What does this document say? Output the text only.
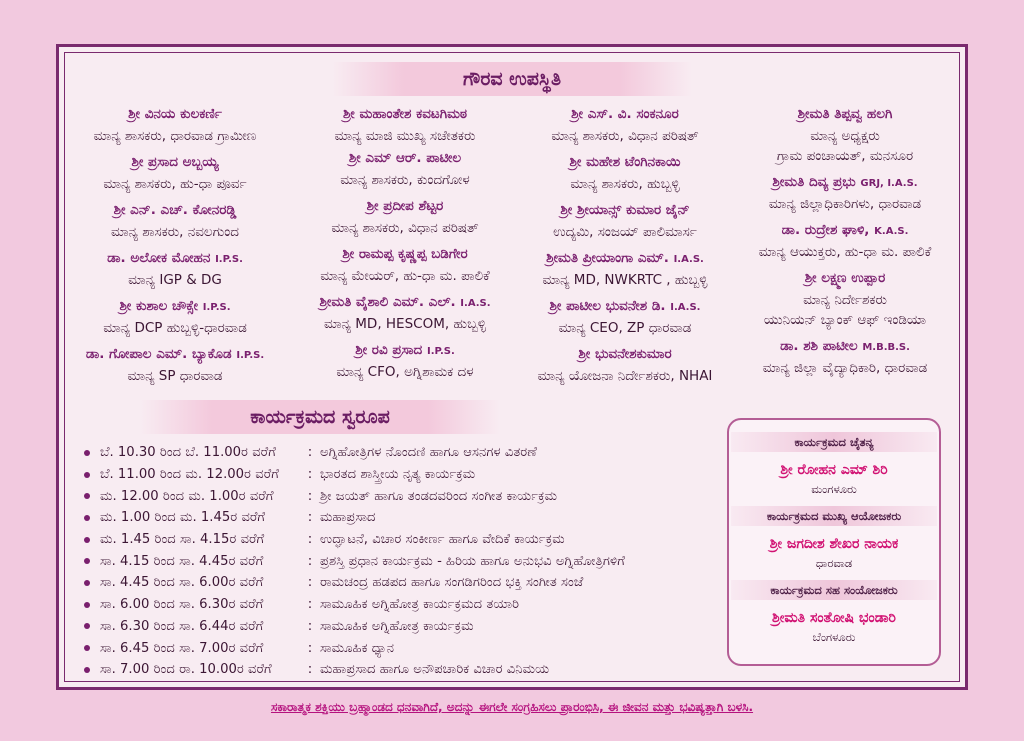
ಗೌರವ ಉಪಸ್ಥಿತಿ
ಶ್ರೀ ವಿನಯ ಕುಲಕರ್ಣಿ
ಮಾನ್ಯ ಶಾಸಕರು, ಧಾರವಾಡ ಗ್ರಾಮೀಣ
ಶ್ರೀ ಪ್ರಸಾದ ಅಬ್ಬಯ್ಯ
ಮಾನ್ಯ ಶಾಸಕರು, ಹು-ಧಾ ಪೂರ್ವ
ಶ್ರೀ ಎನ್. ಎಚ್. ಕೋನರಡ್ಡಿ
ಮಾನ್ಯ ಶಾಸಕರು, ನವಲಗುಂದ
ಡಾ. ಅಲೋಕ ಮೋಹನ I.P.S.
ಮಾನ್ಯ IGP & DG
ಶ್ರೀ ಕುಶಾಲ ಚೌಕ್ಸೇ I.P.S.
ಮಾನ್ಯ DCP ಹುಬ್ಬಳ್ಳಿ-ಧಾರವಾಡ
ಡಾ. ಗೋಪಾಲ ಎಮ್. ಬ್ಯಾಕೊಡ I.P.S.
ಮಾನ್ಯ SP ಧಾರವಾಡ
ಶ್ರೀ ಮಹಾಂತೇಶ ಕವಟಗಿಮಠ
ಮಾನ್ಯ ಮಾಜಿ ಮುಖ್ಯ ಸಚೇತಕರು
ಶ್ರೀ ಎಮ್ ಆರ್. ಪಾಟೀಲ
ಮಾನ್ಯ ಶಾಸಕರು, ಕುಂದಗೋಳ
ಶ್ರೀ ಪ್ರದೀಪ ಶೆಟ್ಟರ
ಮಾನ್ಯ ಶಾಸಕರು, ವಿಧಾನ ಪರಿಷತ್
ಶ್ರೀ ರಾಮಪ್ಪ ಕೃಷ್ಣಪ್ಪ ಬಡಿಗೇರ
ಮಾನ್ಯ ಮೇಯರ್, ಹು-ಧಾ ಮ. ಪಾಲಿಕೆ
ಶ್ರೀಮತಿ ವೈಶಾಲಿ ಎಮ್. ಎಲ್. I.A.S.
ಮಾನ್ಯ MD, HESCOM, ಹುಬ್ಬಳ್ಳಿ
ಶ್ರೀ ರವಿ ಪ್ರಸಾದ I.P.S.
ಮಾನ್ಯ CFO, ಅಗ್ನಿಶಾಮಕ ದಳ
ಶ್ರೀ ಎಸ್. ವಿ. ಸಂಕನೂರ
ಮಾನ್ಯ ಶಾಸಕರು, ವಿಧಾನ ಪರಿಷತ್
ಶ್ರೀ ಮಹೇಶ ಟೆಂಗಿನಕಾಯಿ
ಮಾನ್ಯ ಶಾಸಕರು, ಹುಬ್ಬಳ್ಳಿ
ಶ್ರೀ ಶ್ರೀಯಾನ್ಸ್ ಕುಮಾರ ಜೈನ್
ಉದ್ಯಮಿ, ಸಂಜಯ್ ಪಾಲಿಮಾರ್ಸ
ಶ್ರೀಮತಿ ಪ್ರೀಯಾಂಗಾ ಎಮ್. I.A.S.
ಮಾನ್ಯ MD, NWKRTC , ಹುಬ್ಬಳ್ಳಿ
ಶ್ರೀ ಪಾಟೀಲ ಭುವನೇಶ ಡಿ. I.A.S.
ಮಾನ್ಯ CEO, ZP ಧಾರವಾಡ
ಶ್ರೀ ಭುವನೇಶಕುಮಾರ
ಮಾನ್ಯ ಯೋಜನಾ ನಿರ್ದೇಶಕರು, NHAI
ಶ್ರೀಮತಿ ತಿಪ್ಪವ್ವ ಹಲಗಿ
ಮಾನ್ಯ ಅಧ್ಯಕ್ಷರು
ಗ್ರಾಮ ಪಂಚಾಯತ್, ಮನಸೂರ
ಶ್ರೀಮತಿ ದಿವ್ಯ ಪ್ರಭು GRJ, I.A.S.
ಮಾನ್ಯ ಜಿಲ್ಲಾಧಿಕಾರಿಗಳು, ಧಾರವಾಡ
ಡಾ. ರುದ್ರೇಶ ಘಾಳಿ, K.A.S.
ಮಾನ್ಯ ಆಯುಕ್ತರು, ಹು-ಧಾ ಮ. ಪಾಲಿಕೆ
ಶ್ರೀ ಲಕ್ಷ್ಮಣ ಉಪ್ಪಾರ
ಮಾನ್ಯ ನಿರ್ದೇಶಕರು
ಯುನಿಯನ್ ಬ್ಯಾಂಕ್ ಆಫ್ ಇಂಡಿಯಾ
ಡಾ. ಶಶಿ ಪಾಟೀಲ M.B.B.S.
ಮಾನ್ಯ ಜಿಲ್ಲಾ ವೈದ್ಯಾಧಿಕಾರಿ, ಧಾರವಾಡ
ಕಾರ್ಯಕ್ರಮದ ಸ್ವರೂಪ
ಬೆ. 10.30 ರಿಂದ ಬೆ. 11.00ರ ವರೆಗೆ	: ಅಗ್ನಿಹೋತ್ರಿಗಳ ನೊಂದಣಿ ಹಾಗೂ ಆಸನಗಳ ವಿತರಣೆ
ಬೆ. 11.00 ರಿಂದ ಮ. 12.00ರ ವರೆಗೆ	: ಭಾರತದ ಶಾಸ್ತ್ರೀಯ ನೃತ್ಯ ಕಾರ್ಯಕ್ರಮ
ಮ. 12.00 ರಿಂದ ಮ. 1.00ರ ವರೆಗೆ	: ಶ್ರೀ ಜಯತ್ ಹಾಗೂ ತಂಡದವರಿಂದ ಸಂಗೀತ ಕಾರ್ಯಕ್ರಮ
ಮ. 1.00 ರಿಂದ ಮ. 1.45ರ ವರೆಗೆ	: ಮಹಾಪ್ರಸಾದ
ಮ. 1.45 ರಿಂದ ಸಾ. 4.15ರ ವರೆಗೆ	: ಉದ್ಘಾಟನೆ, ವಿಚಾರ ಸಂಕೀರ್ಣ ಹಾಗೂ ವೇದಿಕೆ ಕಾರ್ಯಕ್ರಮ
ಸಾ. 4.15 ರಿಂದ ಸಾ. 4.45ರ ವರೆಗೆ	: ಪ್ರಶಸ್ತಿ ಪ್ರಧಾನ ಕಾರ್ಯಕ್ರಮ - ಹಿರಿಯ ಹಾಗೂ ಅನುಭವಿ ಅಗ್ನಿಹೋತ್ರಿಗಳಿಗೆ
ಸಾ. 4.45 ರಿಂದ ಸಾ. 6.00ರ ವರೆಗೆ	: ರಾಮಚಂದ್ರ ಹಡಪದ ಹಾಗೂ ಸಂಗಡಿಗರಿಂದ ಭಕ್ತಿ ಸಂಗೀತ ಸಂಜೆ
ಸಾ. 6.00 ರಿಂದ ಸಾ. 6.30ರ ವರೆಗೆ	: ಸಾಮೂಹಿಕ ಅಗ್ನಿಹೋತ್ರ ಕಾರ್ಯಕ್ರಮದ ತಯಾರಿ
ಸಾ. 6.30 ರಿಂದ ಸಾ. 6.44ರ ವರೆಗೆ	: ಸಾಮೂಹಿಕ ಅಗ್ನಿಹೋತ್ರ ಕಾರ್ಯಕ್ರಮ
ಸಾ. 6.45 ರಿಂದ ಸಾ. 7.00ರ ವರೆಗೆ	: ಸಾಮೂಹಿಕ ಧ್ಯಾನ
ಸಾ. 7.00 ರಿಂದ ರಾ. 10.00ರ ವರೆಗೆ	: ಮಹಾಪ್ರಸಾದ ಹಾಗೂ ಅನೌಪಚಾರಿಕ ವಿಚಾರ ವಿನಿಮಯ
ಕಾರ್ಯಕ್ರಮದ ಚೈತನ್ಯ
ಶ್ರೀ ರೋಹನ ಎಮ್ ಶಿರಿ
ಮಂಗಳೂರು
ಕಾರ್ಯಕ್ರಮದ ಮುಖ್ಯ ಆಯೋಜಕರು
ಶ್ರೀ ಜಗದೀಶ ಶೇಖರ ನಾಯಕ
ಧಾರವಾಡ
ಕಾರ್ಯಕ್ರಮದ ಸಹ ಸಂಯೋಜಕರು
ಶ್ರೀಮತಿ ಸಂತೋಷಿ ಭಂಡಾರಿ
ಬೆಂಗಳೂರು
ಸಕಾರಾತ್ಮಕ ಶಕ್ತಿಯು ಬ್ರಹ್ಮಾಂಡದ ಧನವಾಗಿದೆ, ಅದನ್ನು ಈಗಲೇ ಸಂಗ್ರಹಿಸಲು ಪ್ರಾರಂಭಿಸಿ, ಈ ಜೀವನ ಮತ್ತು ಭವಿಷ್ಯತ್ತಾಗಿ ಬಳಸಿ.
